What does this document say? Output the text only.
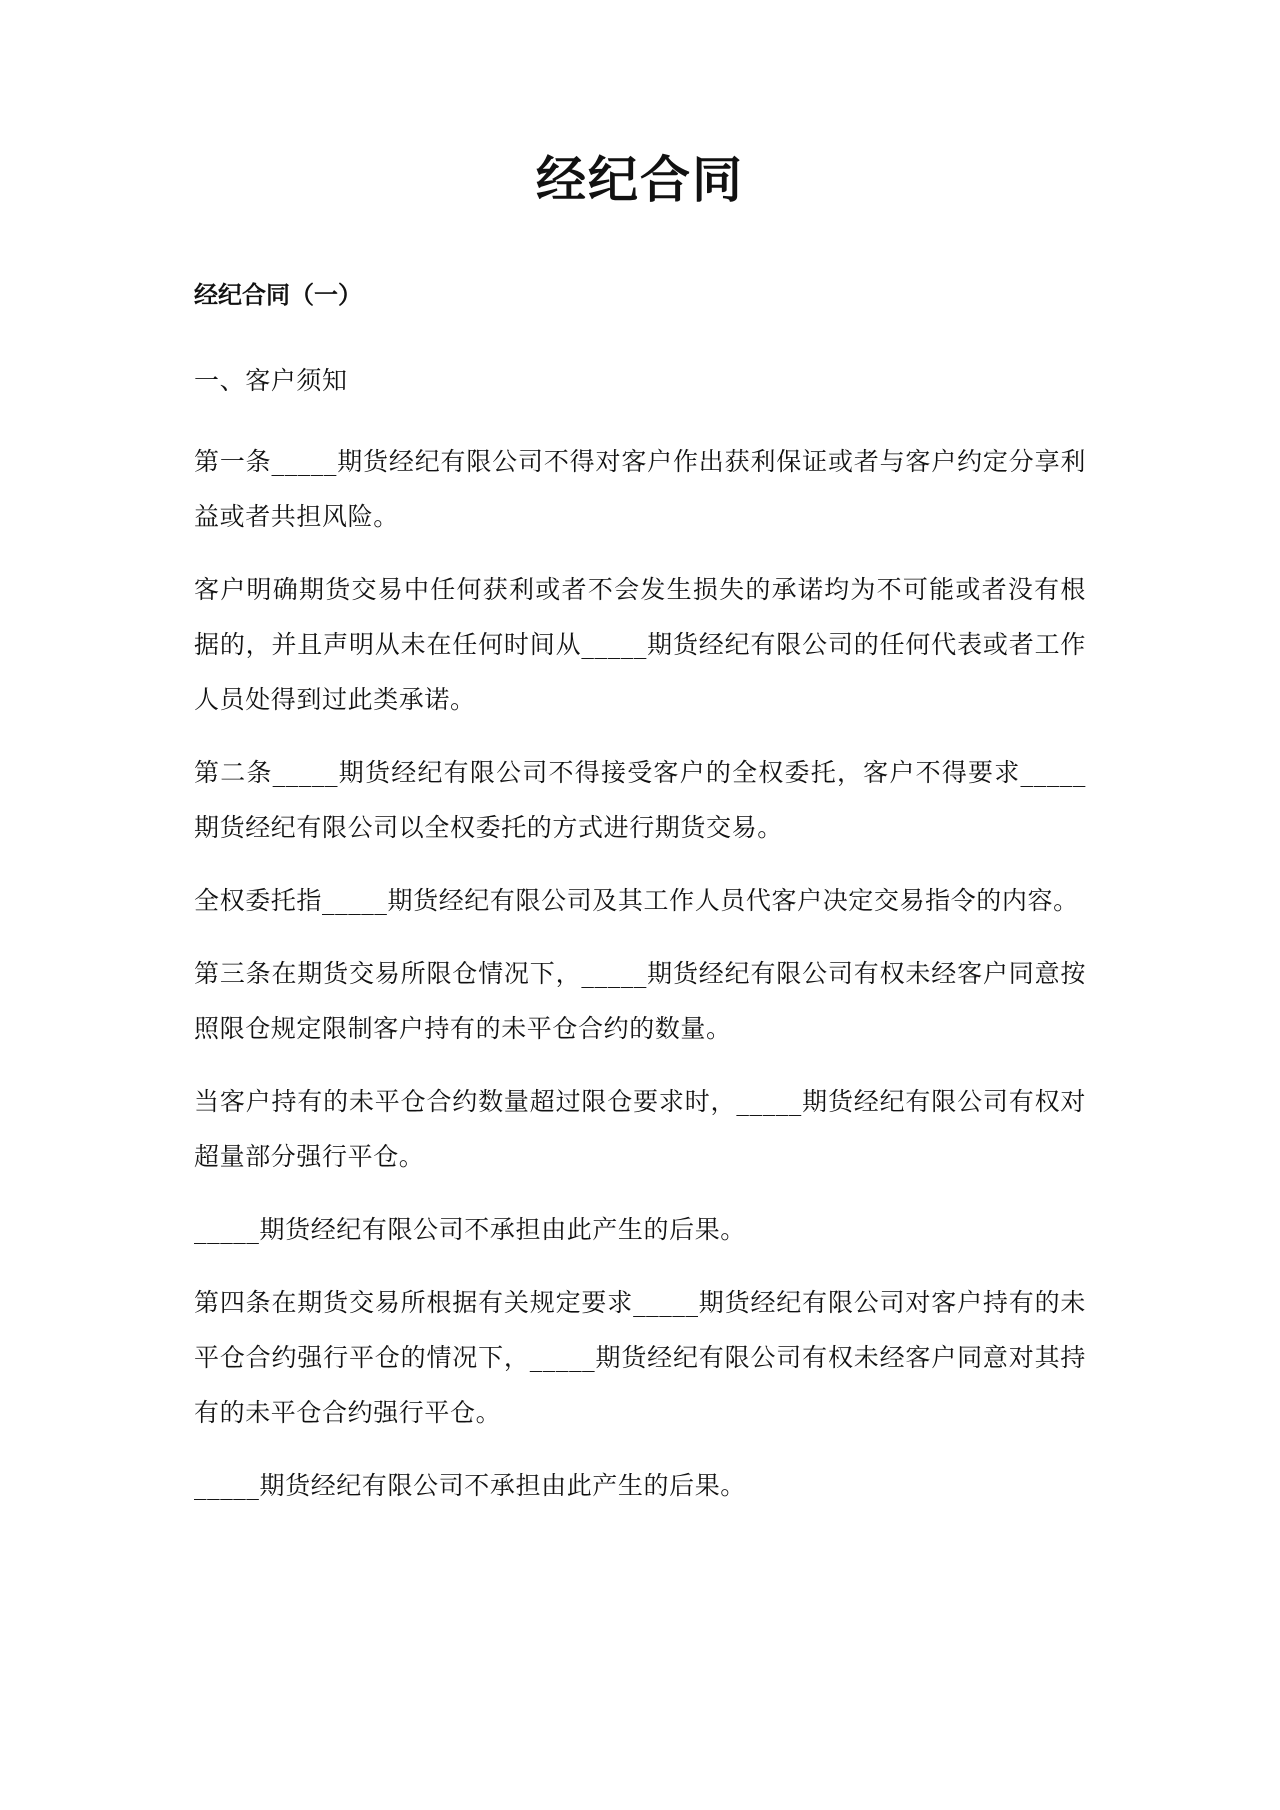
经纪合同
经纪合同（一）

一、客户须知

第一条_____期货经纪有限公司不得对客户作出获利保证或者与客户约定分享利益或者共担风险。

客户明确期货交易中任何获利或者不会发生损失的承诺均为不可能或者没有根据的，并且声明从未在任何时间从_____期货经纪有限公司的任何代表或者工作人员处得到过此类承诺。

第二条_____期货经纪有限公司不得接受客户的全权委托，客户不得要求_____期货经纪有限公司以全权委托的方式进行期货交易。

全权委托指_____期货经纪有限公司及其工作人员代客户决定交易指令的内容。

第三条在期货交易所限仓情况下，_____期货经纪有限公司有权未经客户同意按照限仓规定限制客户持有的未平仓合约的数量。

当客户持有的未平仓合约数量超过限仓要求时，_____期货经纪有限公司有权对超量部分强行平仓。

_____期货经纪有限公司不承担由此产生的后果。

第四条在期货交易所根据有关规定要求_____期货经纪有限公司对客户持有的未平仓合约强行平仓的情况下，_____期货经纪有限公司有权未经客户同意对其持有的未平仓合约强行平仓。

_____期货经纪有限公司不承担由此产生的后果。
